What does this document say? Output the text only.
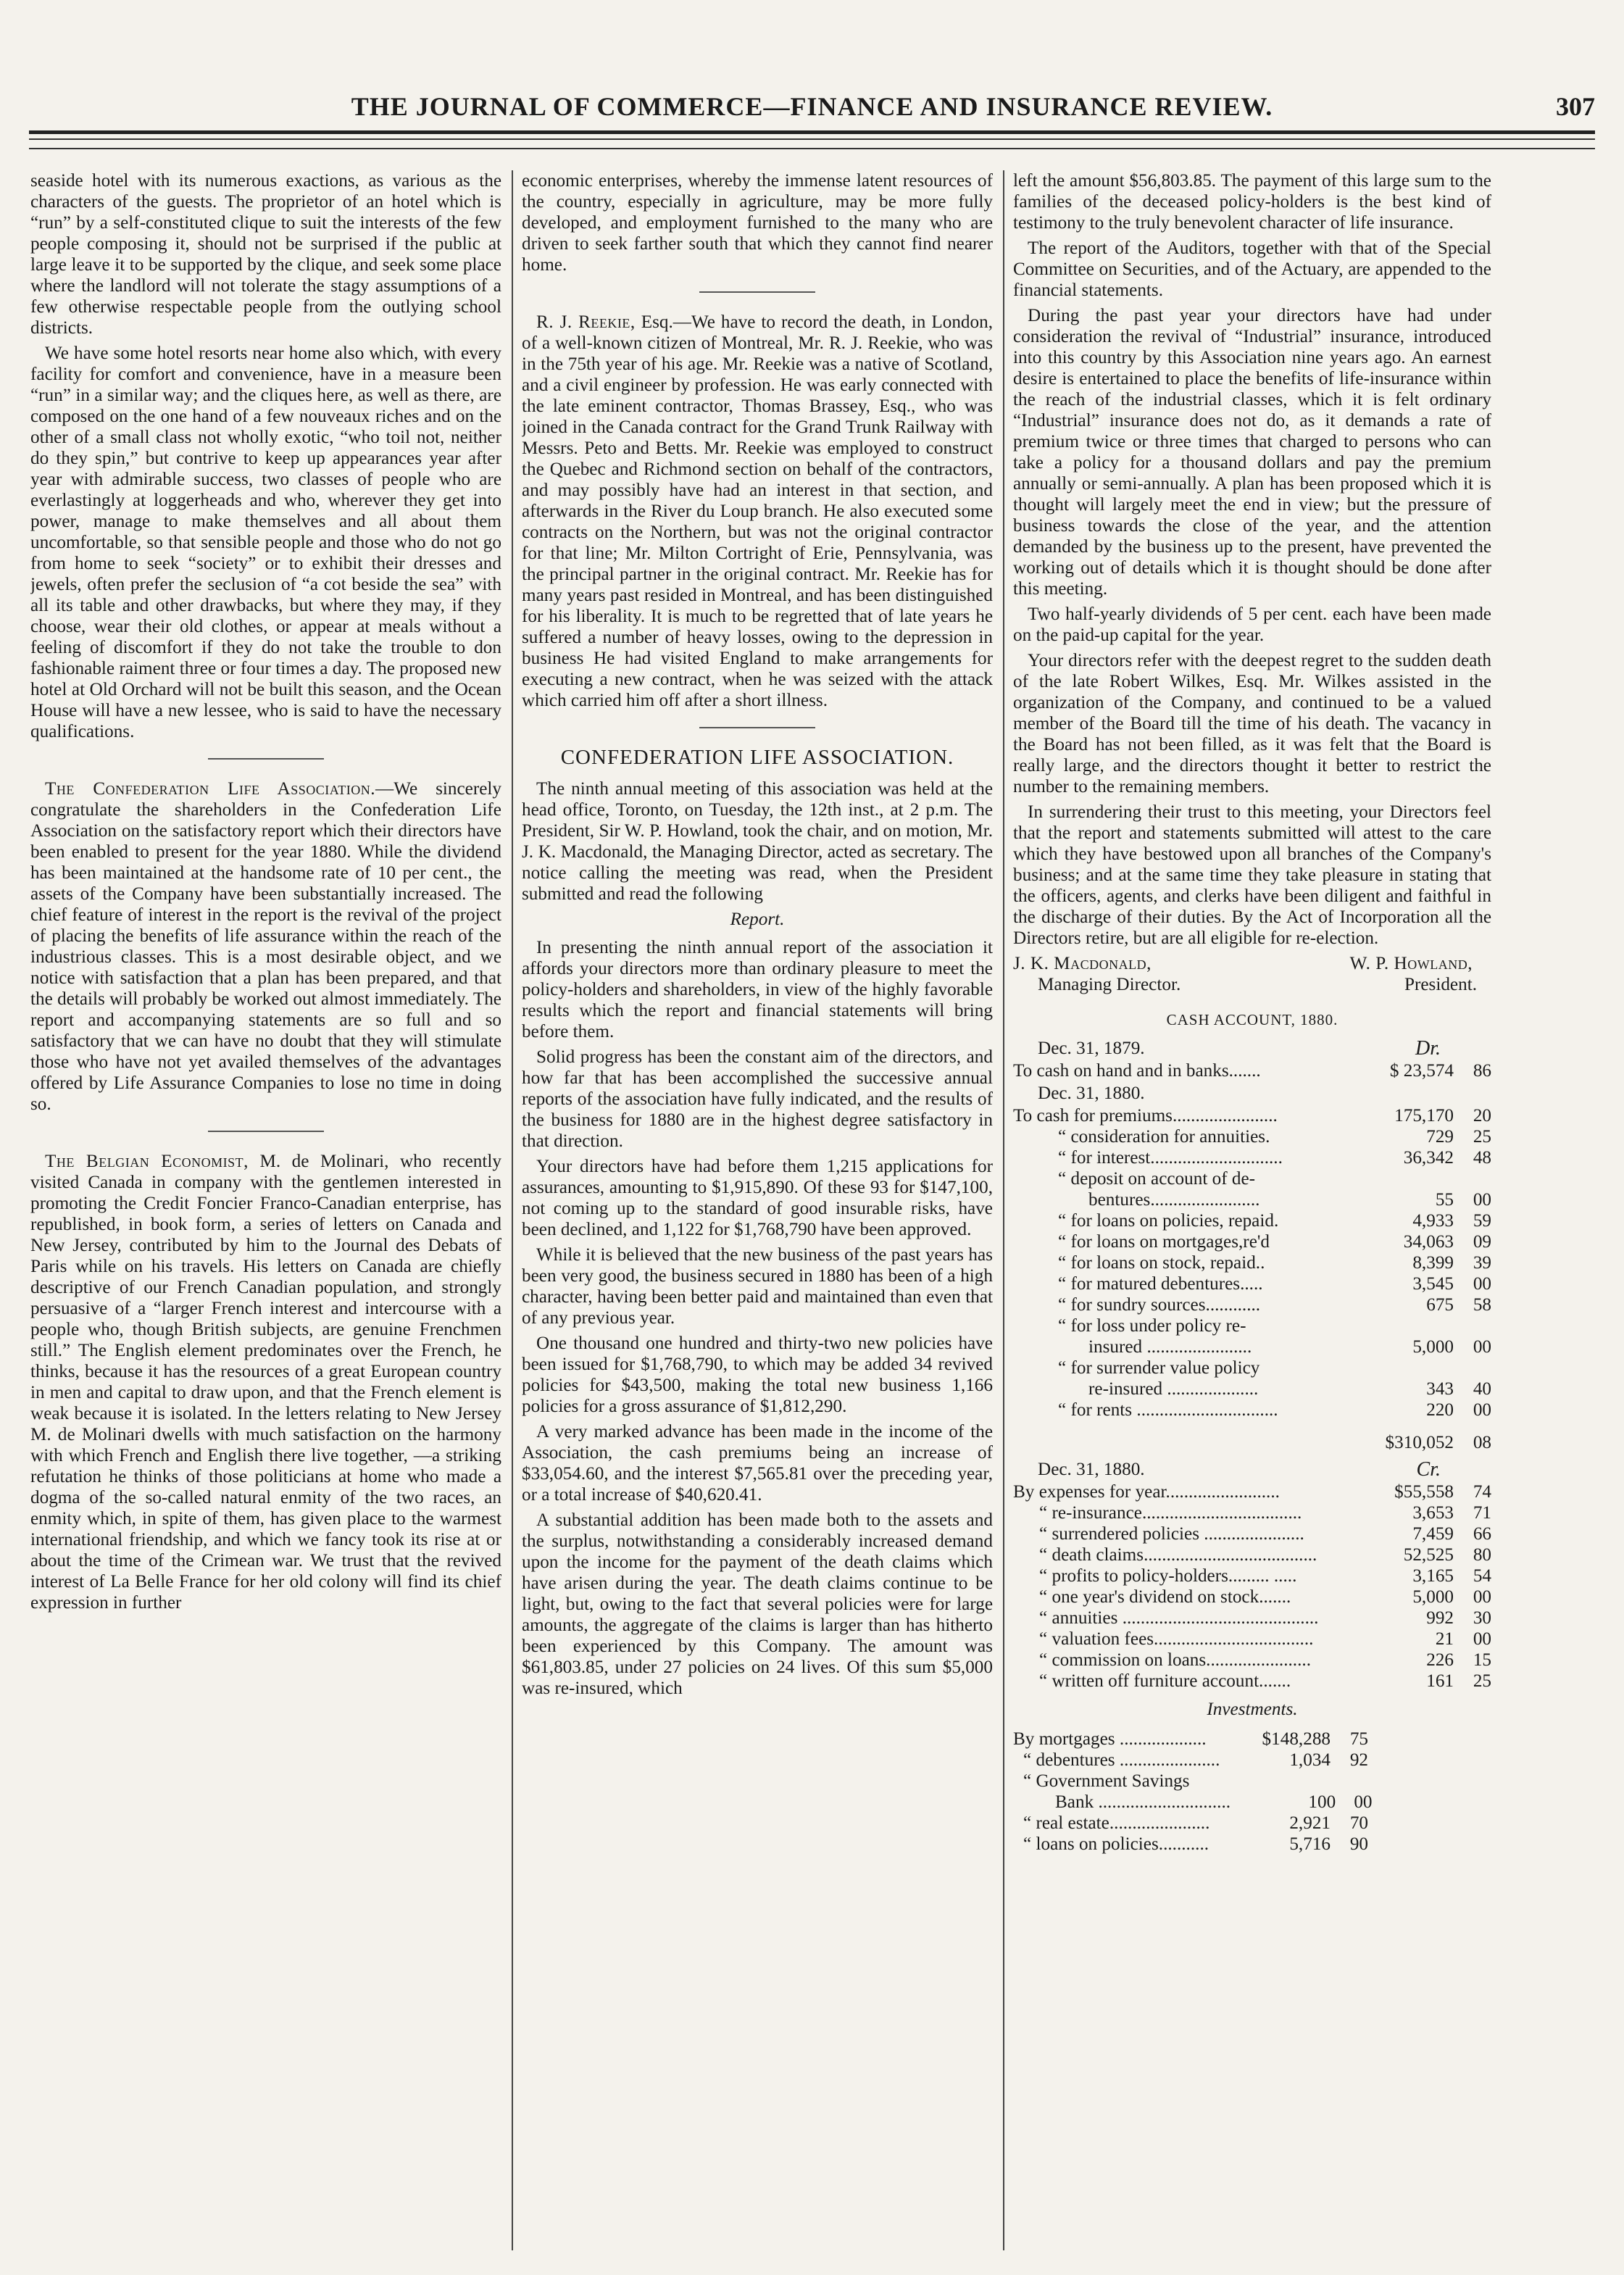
THE JOURNAL OF COMMERCE—FINANCE AND INSURANCE REVIEW.	307

seaside hotel with its numerous exactions, as various as the characters of the guests. The proprietor of an hotel which is “run” by a self-constituted clique to suit the interests of the few people composing it, should not be surprised if the public at large leave it to be supported by the clique, and seek some place where the landlord will not tolerate the stagy assumptions of a few otherwise respectable people from the outlying school districts.

We have some hotel resorts near home also which, with every facility for comfort and convenience, have in a measure been “run” in a similar way; and the cliques here, as well as there, are composed on the one hand of a few nouveaux riches and on the other of a small class not wholly exotic, “who toil not, neither do they spin,” but contrive to keep up appearances year after year with admirable success, two classes of people who are everlastingly at loggerheads and who, wherever they get into power, manage to make themselves and all about them uncomfortable, so that sensible people and those who do not go from home to seek “society” or to exhibit their dresses and jewels, often prefer the seclusion of “a cot beside the sea” with all its table and other drawbacks, but where they may, if they choose, wear their old clothes, or appear at meals without a feeling of discomfort if they do not take the trouble to don fashionable raiment three or four times a day. The proposed new hotel at Old Orchard will not be built this season, and the Ocean House will have a new lessee, who is said to have the necessary qualifications.

The Confederation Life Association.—We sincerely congratulate the shareholders in the Confederation Life Association on the satisfactory report which their directors have been enabled to present for the year 1880. While the dividend has been maintained at the handsome rate of 10 per cent., the assets of the Company have been substantially increased. The chief feature of interest in the report is the revival of the project of placing the benefits of life assurance within the reach of the industrious classes. This is a most desirable object, and we notice with satisfaction that a plan has been prepared, and that the details will probably be worked out almost immediately. The report and accompanying statements are so full and so satisfactory that we can have no doubt that they will stimulate those who have not yet availed themselves of the advantages offered by Life Assurance Companies to lose no time in doing so.

The Belgian Economist, M. de Molinari, who recently visited Canada in company with the gentlemen interested in promoting the Credit Foncier Franco-Canadian enterprise, has republished, in book form, a series of letters on Canada and New Jersey, contributed by him to the Journal des Debats of Paris while on his travels. His letters on Canada are chiefly descriptive of our French Canadian population, and strongly persuasive of a “larger French interest and intercourse with a people who, though British subjects, are genuine Frenchmen still.” The English element predominates over the French, he thinks, because it has the resources of a great European country in men and capital to draw upon, and that the French element is weak because it is isolated. In the letters relating to New Jersey M. de Molinari dwells with much satisfaction on the harmony with which French and English there live together, —a striking refutation he thinks of those politicians at home who made a dogma of the so-called natural enmity of the two races, an enmity which, in spite of them, has given place to the warmest international friendship, and which we fancy took its rise at or about the time of the Crimean war. We trust that the revived interest of La Belle France for her old colony will find its chief expression in further

economic enterprises, whereby the immense latent resources of the country, especially in agriculture, may be more fully developed, and employment furnished to the many who are driven to seek farther south that which they cannot find nearer home.

R. J. Reekie, Esq.—We have to record the death, in London, of a well-known citizen of Montreal, Mr. R. J. Reekie, who was in the 75th year of his age. Mr. Reekie was a native of Scotland, and a civil engineer by profession. He was early connected with the late eminent contractor, Thomas Brassey, Esq., who was joined in the Canada contract for the Grand Trunk Railway with Messrs. Peto and Betts. Mr. Reekie was employed to construct the Quebec and Richmond section on behalf of the contractors, and may possibly have had an interest in that section, and afterwards in the River du Loup branch. He also executed some contracts on the Northern, but was not the original contractor for that line; Mr. Milton Cortright of Erie, Pennsylvania, was the principal partner in the original contract. Mr. Reekie has for many years past resided in Montreal, and has been distinguished for his liberality. It is much to be regretted that of late years he suffered a number of heavy losses, owing to the depression in business He had visited England to make arrangements for executing a new contract, when he was seized with the attack which carried him off after a short illness.

CONFEDERATION LIFE ASSOCIATION.

The ninth annual meeting of this association was held at the head office, Toronto, on Tuesday, the 12th inst., at 2 p.m. The President, Sir W. P. Howland, took the chair, and on motion, Mr. J. K. Macdonald, the Managing Director, acted as secretary. The notice calling the meeting was read, when the President submitted and read the following

Report.

In presenting the ninth annual report of the association it affords your directors more than ordinary pleasure to meet the policy-holders and shareholders, in view of the highly favorable results which the report and financial statements will bring before them.

Solid progress has been the constant aim of the directors, and how far that has been accomplished the successive annual reports of the association have fully indicated, and the results of the business for 1880 are in the highest degree satisfactory in that direction.

Your directors have had before them 1,215 applications for assurances, amounting to $1,915,890. Of these 93 for $147,100, not coming up to the standard of good insurable risks, have been declined, and 1,122 for $1,768,790 have been approved.

While it is believed that the new business of the past years has been very good, the business secured in 1880 has been of a high character, having been better paid and maintained than even that of any previous year.

One thousand one hundred and thirty-two new policies have been issued for $1,768,790, to which may be added 34 revived policies for $43,500, making the total new business 1,166 policies for a gross assurance of $1,812,290.

A very marked advance has been made in the income of the Association, the cash premiums being an increase of $33,054.60, and the interest $7,565.81 over the preceding year, or a total increase of $40,620.41.

A substantial addition has been made both to the assets and the surplus, notwithstanding a considerably increased demand upon the income for the payment of the death claims which have arisen during the year. The death claims continue to be light, but, owing to the fact that several policies were for large amounts, the aggregate of the claims is larger than has hitherto been experienced by this Company. The amount was $61,803.85, under 27 policies on 24 lives. Of this sum $5,000 was re-insured, which

left the amount $56,803.85. The payment of this large sum to the families of the deceased policy-holders is the best kind of testimony to the truly benevolent character of life insurance.

The report of the Auditors, together with that of the Special Committee on Securities, and of the Actuary, are appended to the financial statements.

During the past year your directors have had under consideration the revival of “Industrial” insurance, introduced into this country by this Association nine years ago. An earnest desire is entertained to place the benefits of life-insurance within the reach of the industrial classes, which it is felt ordinary “Industrial” insurance does not do, as it demands a rate of premium twice or three times that charged to persons who can take a policy for a thousand dollars and pay the premium annually or semi-annually. A plan has been proposed which it is thought will largely meet the end in view; but the pressure of business towards the close of the year, and the attention demanded by the business up to the present, have prevented the working out of details which it is thought should be done after this meeting.

Two half-yearly dividends of 5 per cent. each have been made on the paid-up capital for the year.

Your directors refer with the deepest regret to the sudden death of the late Robert Wilkes, Esq. Mr. Wilkes assisted in the organization of the Company, and continued to be a valued member of the Board till the time of his death. The vacancy in the Board has not been filled, as it was felt that the Board is really large, and the directors thought it better to restrict the number to the remaining members.

In surrendering their trust to this meeting, your Directors feel that the report and statements submitted will attest to the care which they have bestowed upon all branches of the Company's business; and at the same time they take pleasure in stating that the officers, agents, and clerks have been diligent and faithful in the discharge of their duties. By the Act of Incorporation all the Directors retire, but are all eligible for re-election.

J. K. Macdonald,	W. P. Howland,
Managing Director.	President.
CASH ACCOUNT, 1880.
Dec. 31, 1879.	Dr.
To cash on hand and in banks.......	$ 23,574	86
Dec. 31, 1880.
To cash for premiums.......................	175,170	20
“ consideration for annuities.	729	25
“ for interest.............................	36,342	48
“ deposit on account of de-
bentures........................	55	00
“ for loans on policies, repaid.	4,933	59
“ for loans on mortgages,re'd	34,063	09
“ for loans on stock, repaid..	8,399	39
“ for matured debentures.....	3,545	00
“ for sundry sources............	675	58
“ for loss under policy re-
insured .......................	5,000	00
“ for surrender value policy
re-insured ....................	343	40
“ for rents ...............................	220	00
$310,052	08
Dec. 31, 1880.	Cr.
By expenses for year.........................	$55,558	74
“ re-insurance...................................	3,653	71
“ surrendered policies ......................	7,459	66
“ death claims......................................	52,525	80
“ profits to policy-holders......... .....	3,165	54
“ one year's dividend on stock.......	5,000	00
“ annuities ...........................................	992	30
“ valuation fees...................................	21	00
“ commission on loans.......................	226	15
“ written off furniture account.......	161	25
Investments.
By mortgages ...................	$148,288	75
“ debentures ......................	1,034	92
“ Government Savings
Bank .............................	100 00
“ real estate......................	2,921	70
“ loans on policies...........	5,716	90
